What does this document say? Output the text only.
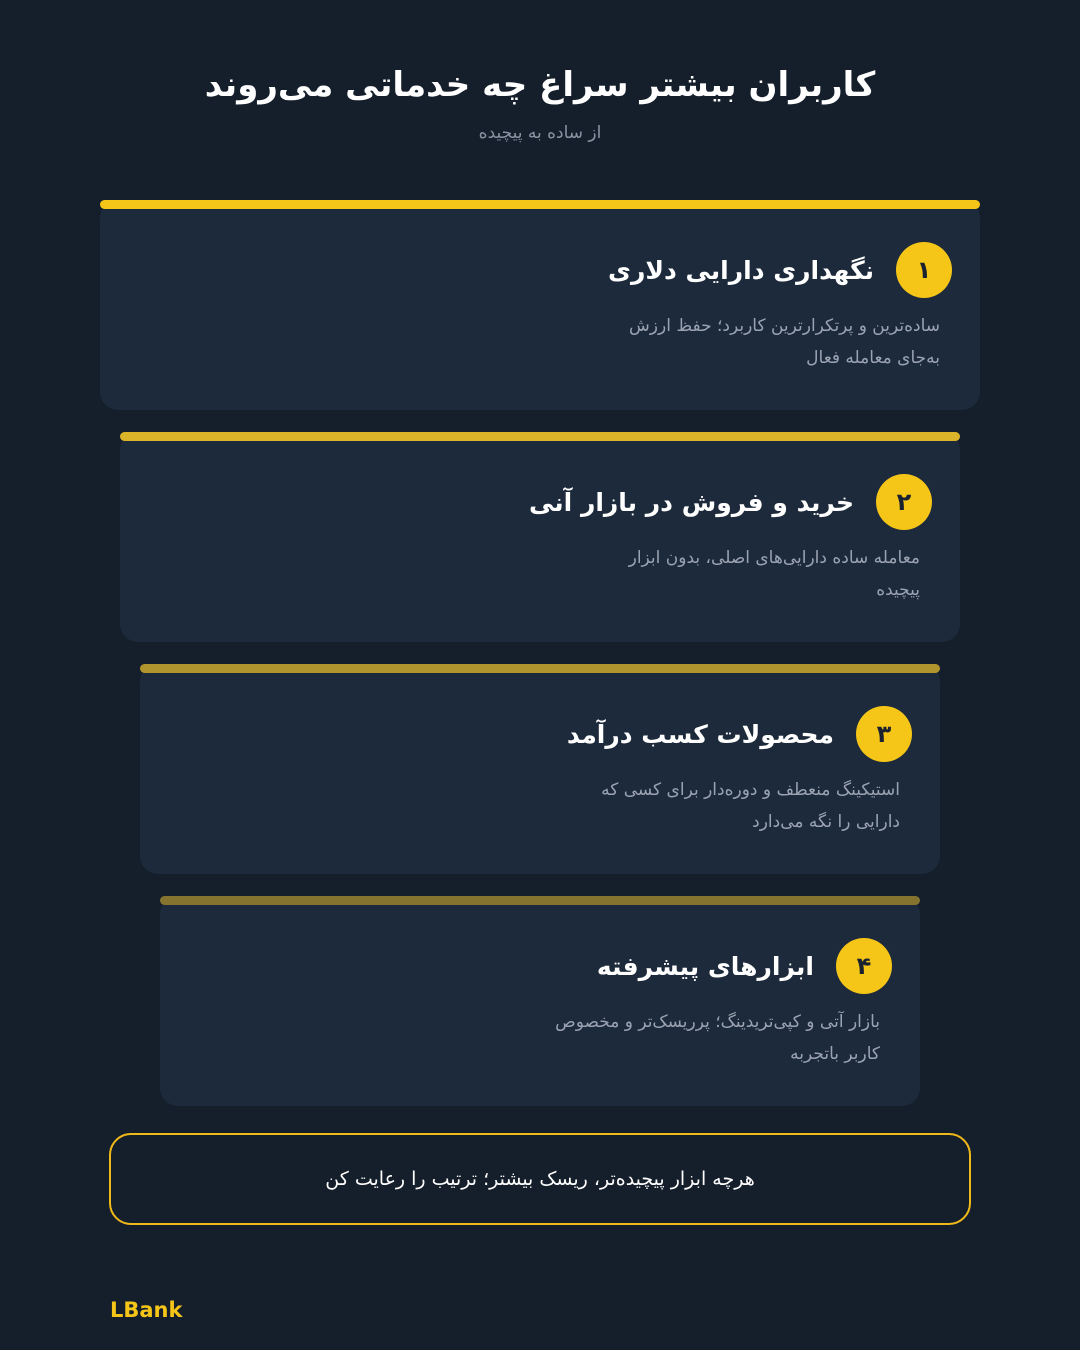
کاربران بیشتر سراغ چه خدماتی می‌روند
از ساده به پیچیده
۱
نگهداری دارایی دلاری
ساده‌ترین و پرتکرارترین کاربرد؛ حفظ ارزش به‌جای معامله فعال
۲
خرید و فروش در بازار آنی
معامله ساده دارایی‌های اصلی، بدون ابزار پیچیده
۳
محصولات کسب درآمد
استیکینگ منعطف و دوره‌دار برای کسی که دارایی را نگه می‌دارد
۴
ابزارهای پیشرفته
بازار آتی و کپی‌تریدینگ؛ پرریسک‌تر و مخصوص کاربر باتجربه
هرچه ابزار پیچیده‌تر، ریسک بیشتر؛ ترتیب را رعایت کن
LBank
